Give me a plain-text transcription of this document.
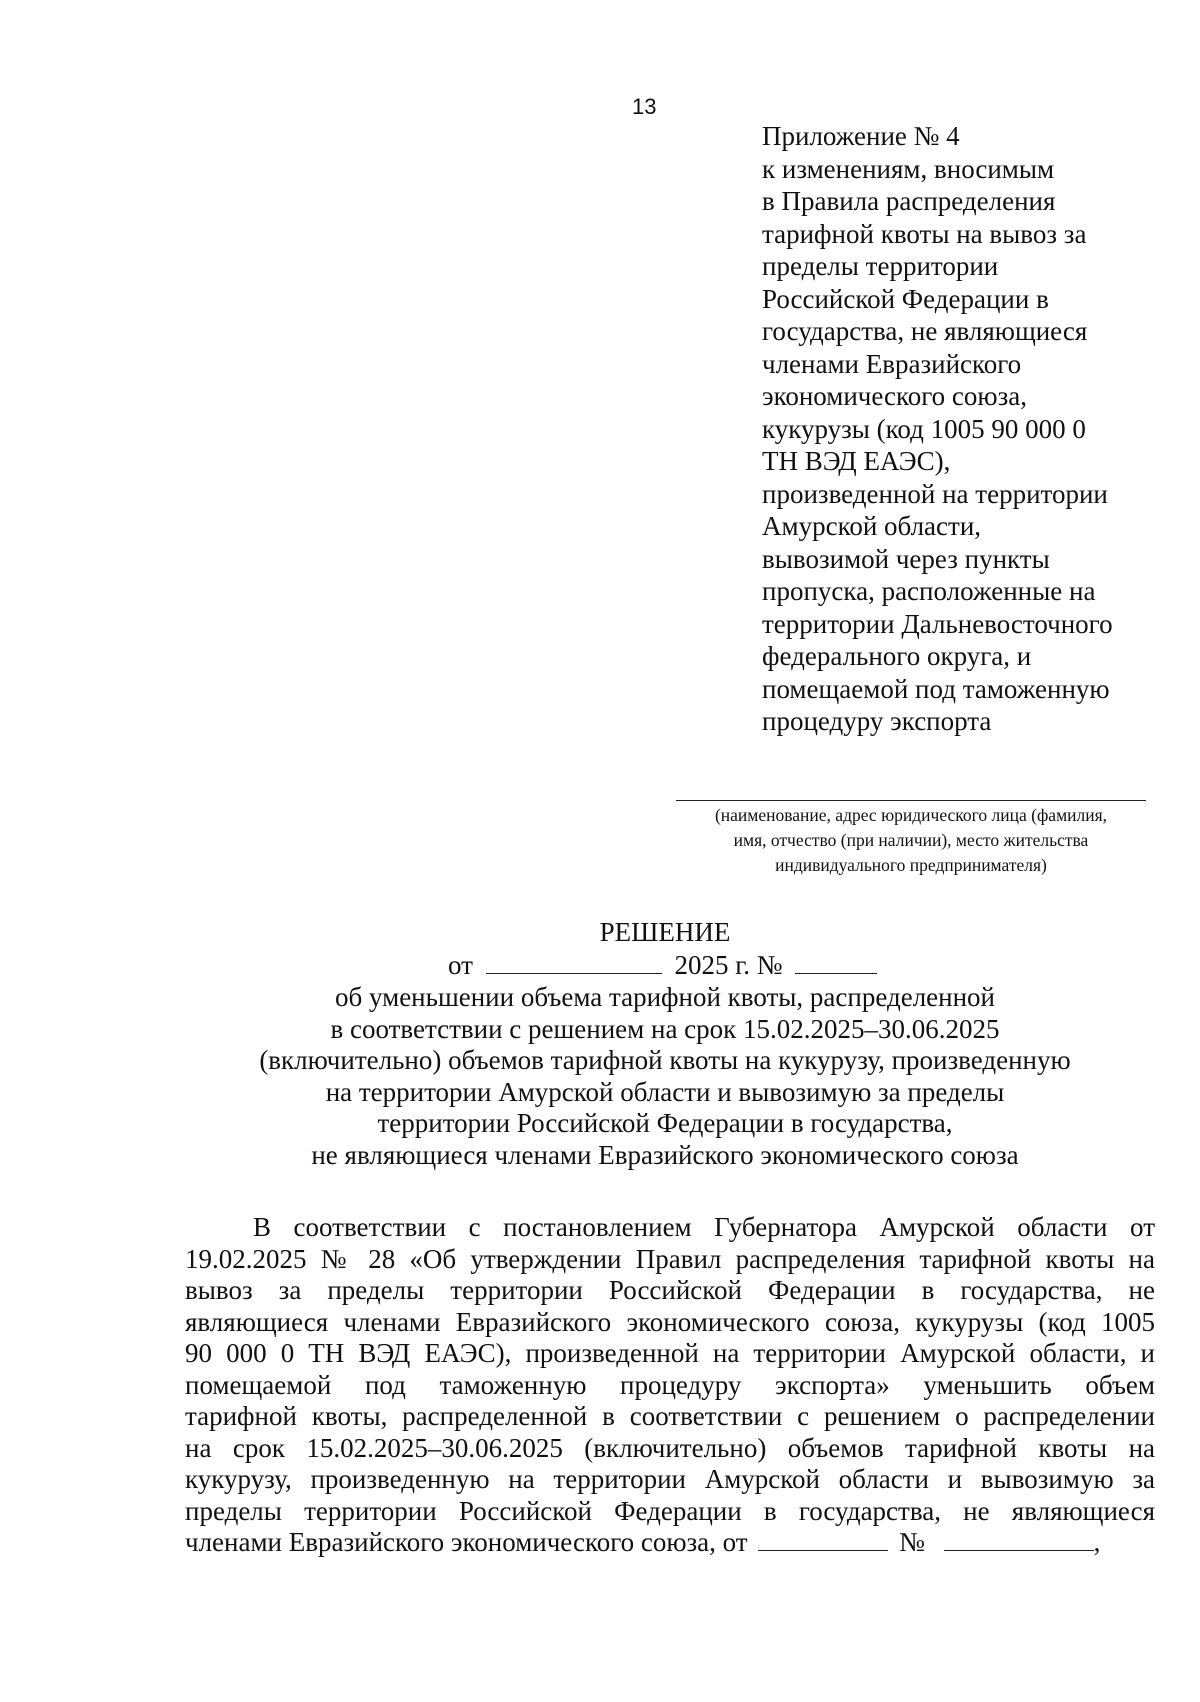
13
Приложение № 4
к изменениям, вносимым
в Правила распределения
тарифной квоты на вывоз за
пределы территории
Российской Федерации в
государства, не являющиеся
членами Евразийского
экономического союза,
кукурузы (код 1005 90 000 0
ТН ВЭД ЕАЭС),
произведенной на территории
Амурской области,
вывозимой через пункты
пропуска, расположенные на
территории Дальневосточного
федерального округа, и
помещаемой под таможенную
процедуру экспорта
(наименование, адрес юридического лица (фамилия,
имя, отчество (при наличии), место жительства
индивидуального предпринимателя)
РЕШЕНИЕ
от	2025 г. №
об уменьшении объема тарифной квоты, распределенной
в соответствии с решением на срок 15.02.2025–30.06.2025
(включительно) объемов тарифной квоты на кукурузу, произведенную
на территории Амурской области и вывозимую за пределы
территории Российской Федерации в государства,
не являющиеся членами Евразийского экономического союза
В соответствии с постановлением Губернатора Амурской области от
19.02.2025 № 28 «Об утверждении Правил распределения тарифной квоты на
вывоз за пределы территории Российской Федерации в государства, не
являющиеся членами Евразийского экономического союза, кукурузы (код 1005
90 000 0 ТН ВЭД ЕАЭС), произведенной на территории Амурской области, и
помещаемой под таможенную процедуру экспорта» уменьшить объем
тарифной квоты, распределенной в соответствии с решением о распределении
на срок 15.02.2025–30.06.2025 (включительно) объемов тарифной квоты на
кукурузу, произведенную на территории Амурской области и вывозимую за
пределы территории Российской Федерации в государства, не являющиеся
членами Евразийского экономического союза, от	№	,
